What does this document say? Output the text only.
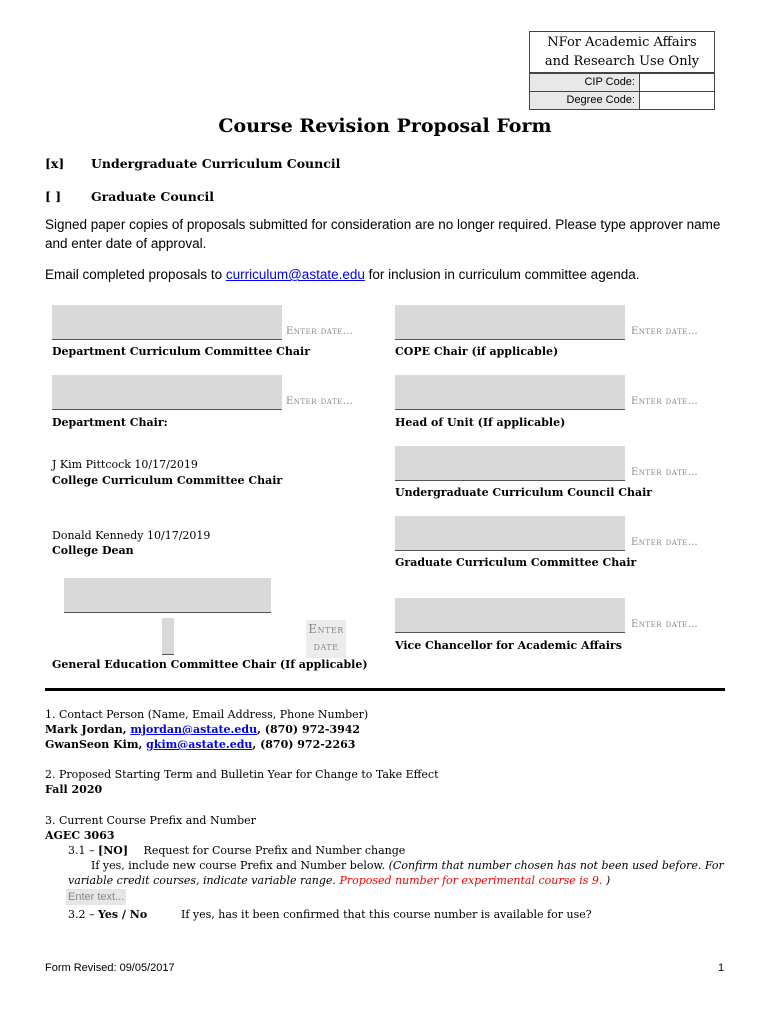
NFor Academic Affairs
and Research Use Only
CIP Code:
Degree Code:
Course Revision Proposal Form
[x] Undergraduate Curriculum Council
[ ] Graduate Council
Signed paper copies of proposals submitted for consideration are no longer required. Please type approver name and enter date of approval.
Email completed proposals to curriculum@astate.edu for inclusion in curriculum committee agenda.
Enter date…
Department Curriculum Committee Chair
Enter date…
Department Chair:
J Kim Pittcock 10/17/2019
College Curriculum Committee Chair
Donald Kennedy 10/17/2019
College Dean
Enter
date
General Education Committee Chair (If applicable)
Enter date…
COPE Chair (if applicable)
Enter date…
Head of Unit (If applicable)
Enter date…
Undergraduate Curriculum Council Chair
Enter date…
Graduate Curriculum Committee Chair
Enter date…
Vice Chancellor for Academic Affairs
1. Contact Person (Name, Email Address, Phone Number)
Mark Jordan, mjordan@astate.edu, (870) 972-3942
GwanSeon Kim, gkim@astate.edu, (870) 972-2263
2. Proposed Starting Term and Bulletin Year for Change to Take Effect
Fall 2020
3. Current Course Prefix and Number
AGEC 3063
3.1 – [NO] Request for Course Prefix and Number change
If yes, include new course Prefix and Number below. (Confirm that number chosen has not been used before. For
variable credit courses, indicate variable range. Proposed number for experimental course is 9. )
Enter text...
3.2 – Yes / No	If yes, has it been confirmed that this course number is available for use?
Form Revised: 09/05/2017	1
